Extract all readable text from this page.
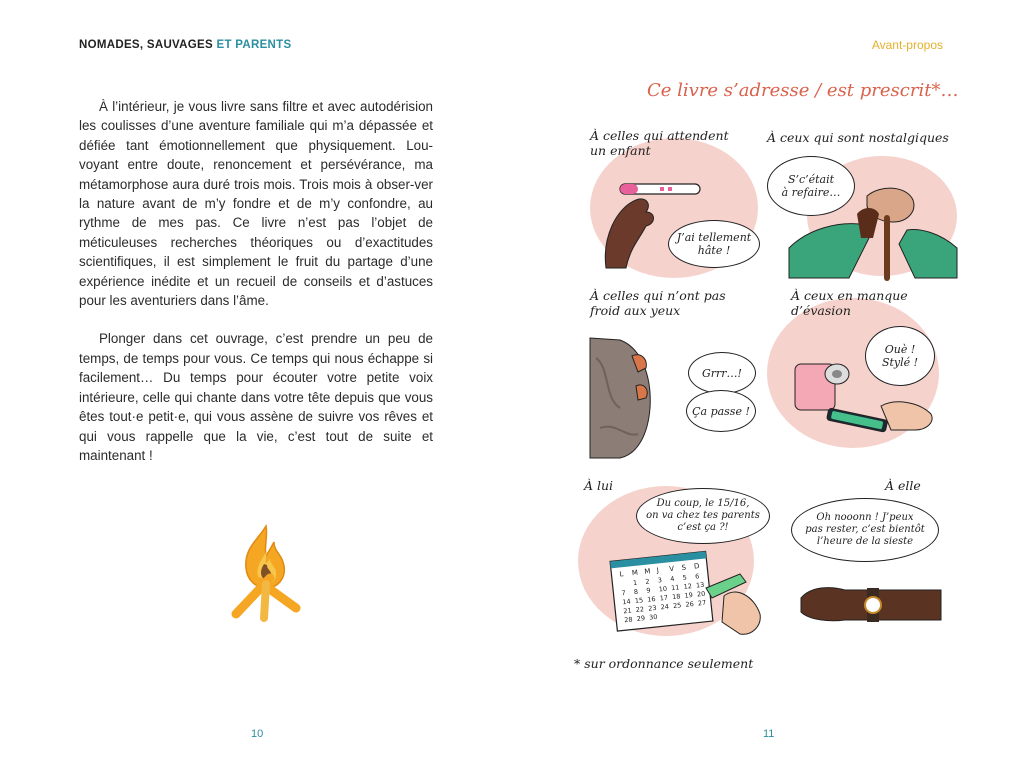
NOMADES, SAUVAGES ET PARENTS

À l’intérieur, je vous livre sans filtre et avec autodérision les coulisses d’une aventure familiale qui m’a dépassée et défiée tant émotionnellement que physiquement. Lou-voyant entre doute, renoncement et persévérance, ma métamorphose aura duré trois mois. Trois mois à obser-ver la nature avant de m’y fondre et de m’y confondre, au rythme de mes pas. Ce livre n’est pas l’objet de méticuleuses recherches théoriques ou d’exactitudes scientifiques, il est simplement le fruit du partage d’une expérience inédite et un recueil de conseils et d’astuces pour les aventuriers dans l’âme.

Plonger dans cet ouvrage, c’est prendre un peu de temps, de temps pour vous. Ce temps qui nous échappe si facilement… Du temps pour écouter votre petite voix intérieure, celle qui chante dans votre tête depuis que vous êtes tout·e petit·e, qui vous assène de suivre vos rêves et qui vous rappelle que la vie, c’est tout de suite et maintenant !

10
Avant-propos
Ce livre s’adresse / est prescrit*…
À celles qui attendent
un enfant
J’ai tellement
hâte !
À ceux qui sont nostalgiques
S’c’était
à refaire…
À celles qui n’ont pas
froid aux yeux
Grrr…!
Ça passe !
À ceux en manque
d’évasion
Ouè !
Stylé !
À lui
Du coup, le 15/16,
on va chez tes parents
c’est ça ?!
L M M J V S D
1 2 3 4 5 6
7 8 9 10 11 12 13
14 15 16 17 18 19 20
21 22 23 24 25 26 27
28 29 30
À elle
Oh nooonn ! J’peux
pas rester, c’est bientôt
l’heure de la sieste
* sur ordonnance seulement
11
